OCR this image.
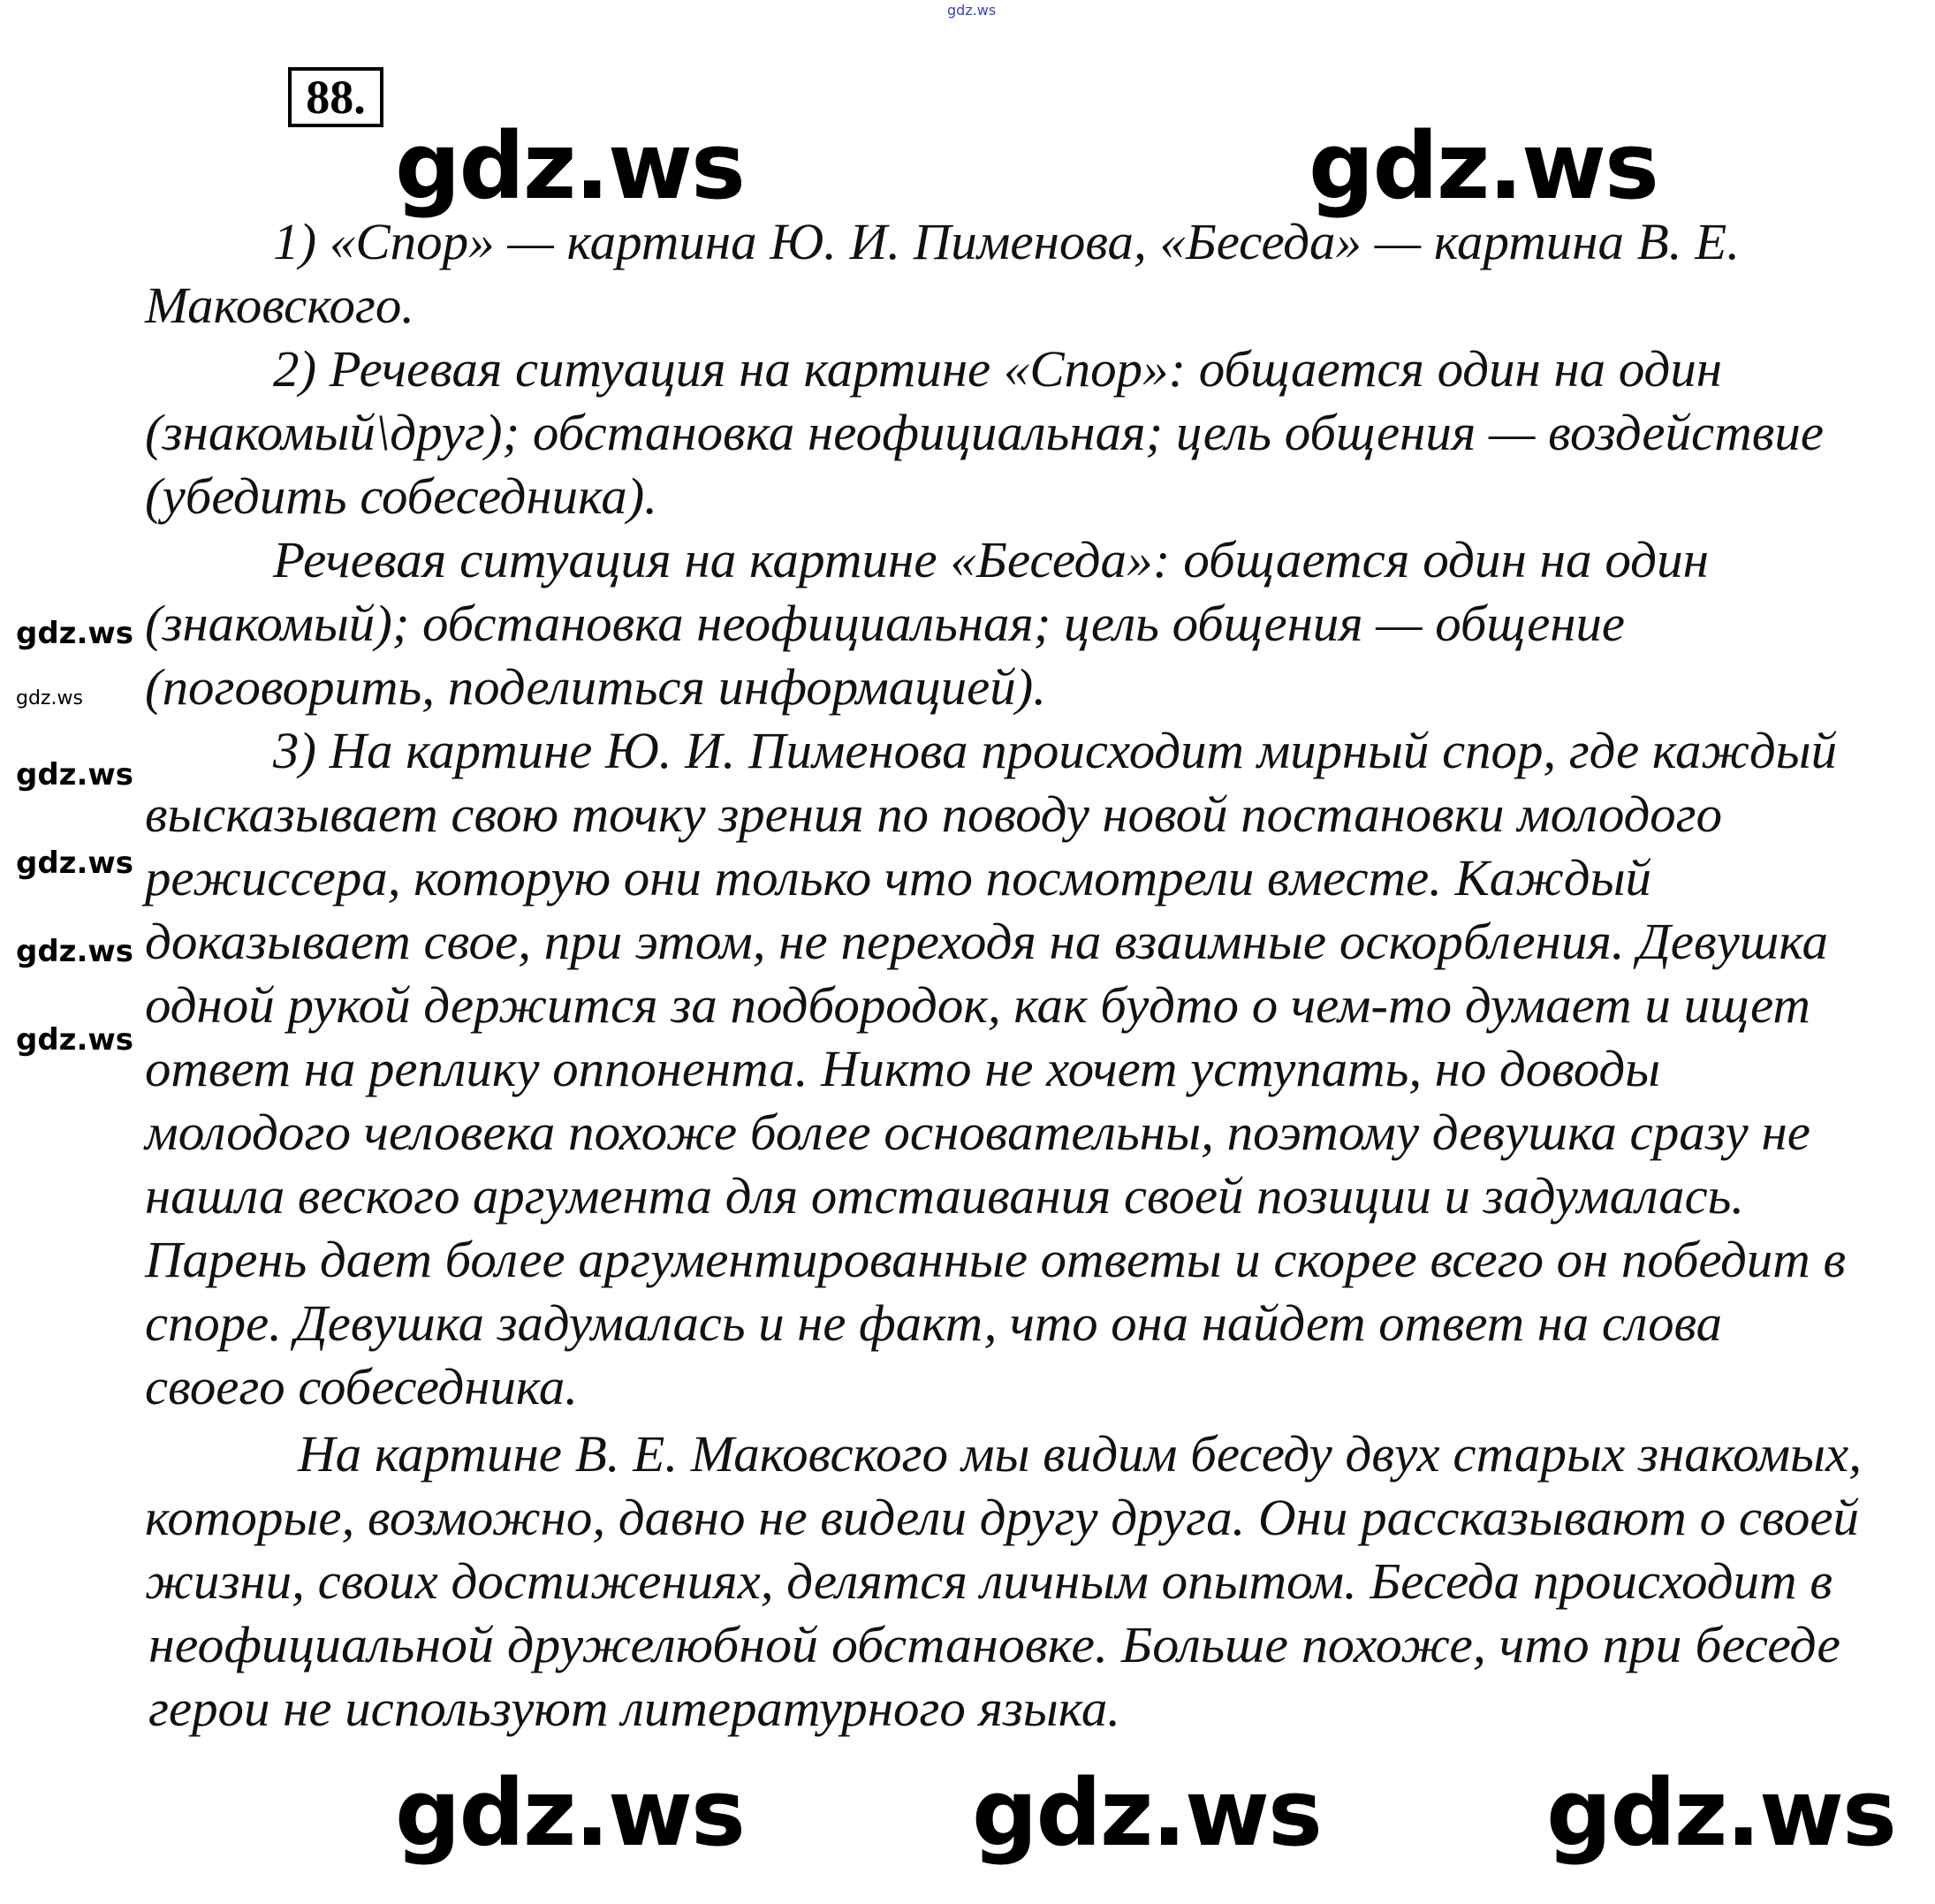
gdz.ws
88.
1) «Спор» — картина Ю. И. Пименова, «Беседа» — картина В. Е.
Маковского.
2) Речевая ситуация на картине «Спор»: общается один на один
(знакомый\друг); обстановка неофициальная; цель общения — воздействие
(убедить собеседника).
Речевая ситуация на картине «Беседа»: общается один на один
(знакомый); обстановка неофициальная; цель общения — общение
(поговорить, поделиться информацией).
3) На картине Ю. И. Пименова происходит мирный спор, где каждый
высказывает свою точку зрения по поводу новой постановки молодого
режиссера, которую они только что посмотрели вместе. Каждый
доказывает свое, при этом, не переходя на взаимные оскорбления. Девушка
одной рукой держится за подбородок, как будто о чем-то думает и ищет
ответ на реплику оппонента. Никто не хочет уступать, но доводы
молодого человека похоже более основательны, поэтому девушка сразу не
нашла веского аргумента для отстаивания своей позиции и задумалась.
Парень дает более аргументированные ответы и скорее всего он победит в
споре. Девушка задумалась и не факт, что она найдет ответ на слова
своего собеседника.
На картине В. Е. Маковского мы видим беседу двух старых знакомых,
которые, возможно, давно не видели другу друга. Они рассказывают о своей
жизни, своих достижениях, делятся личным опытом. Беседа происходит в
неофициальной дружелюбной обстановке. Больше похоже, что при беседе
герои не используют литературного языка.
gdz.ws	gdz.ws
gdz.ws gdz.ws gdz.ws
gdz.ws
gdz.ws
gdz.ws
gdz.ws
gdz.ws
gdz.ws
